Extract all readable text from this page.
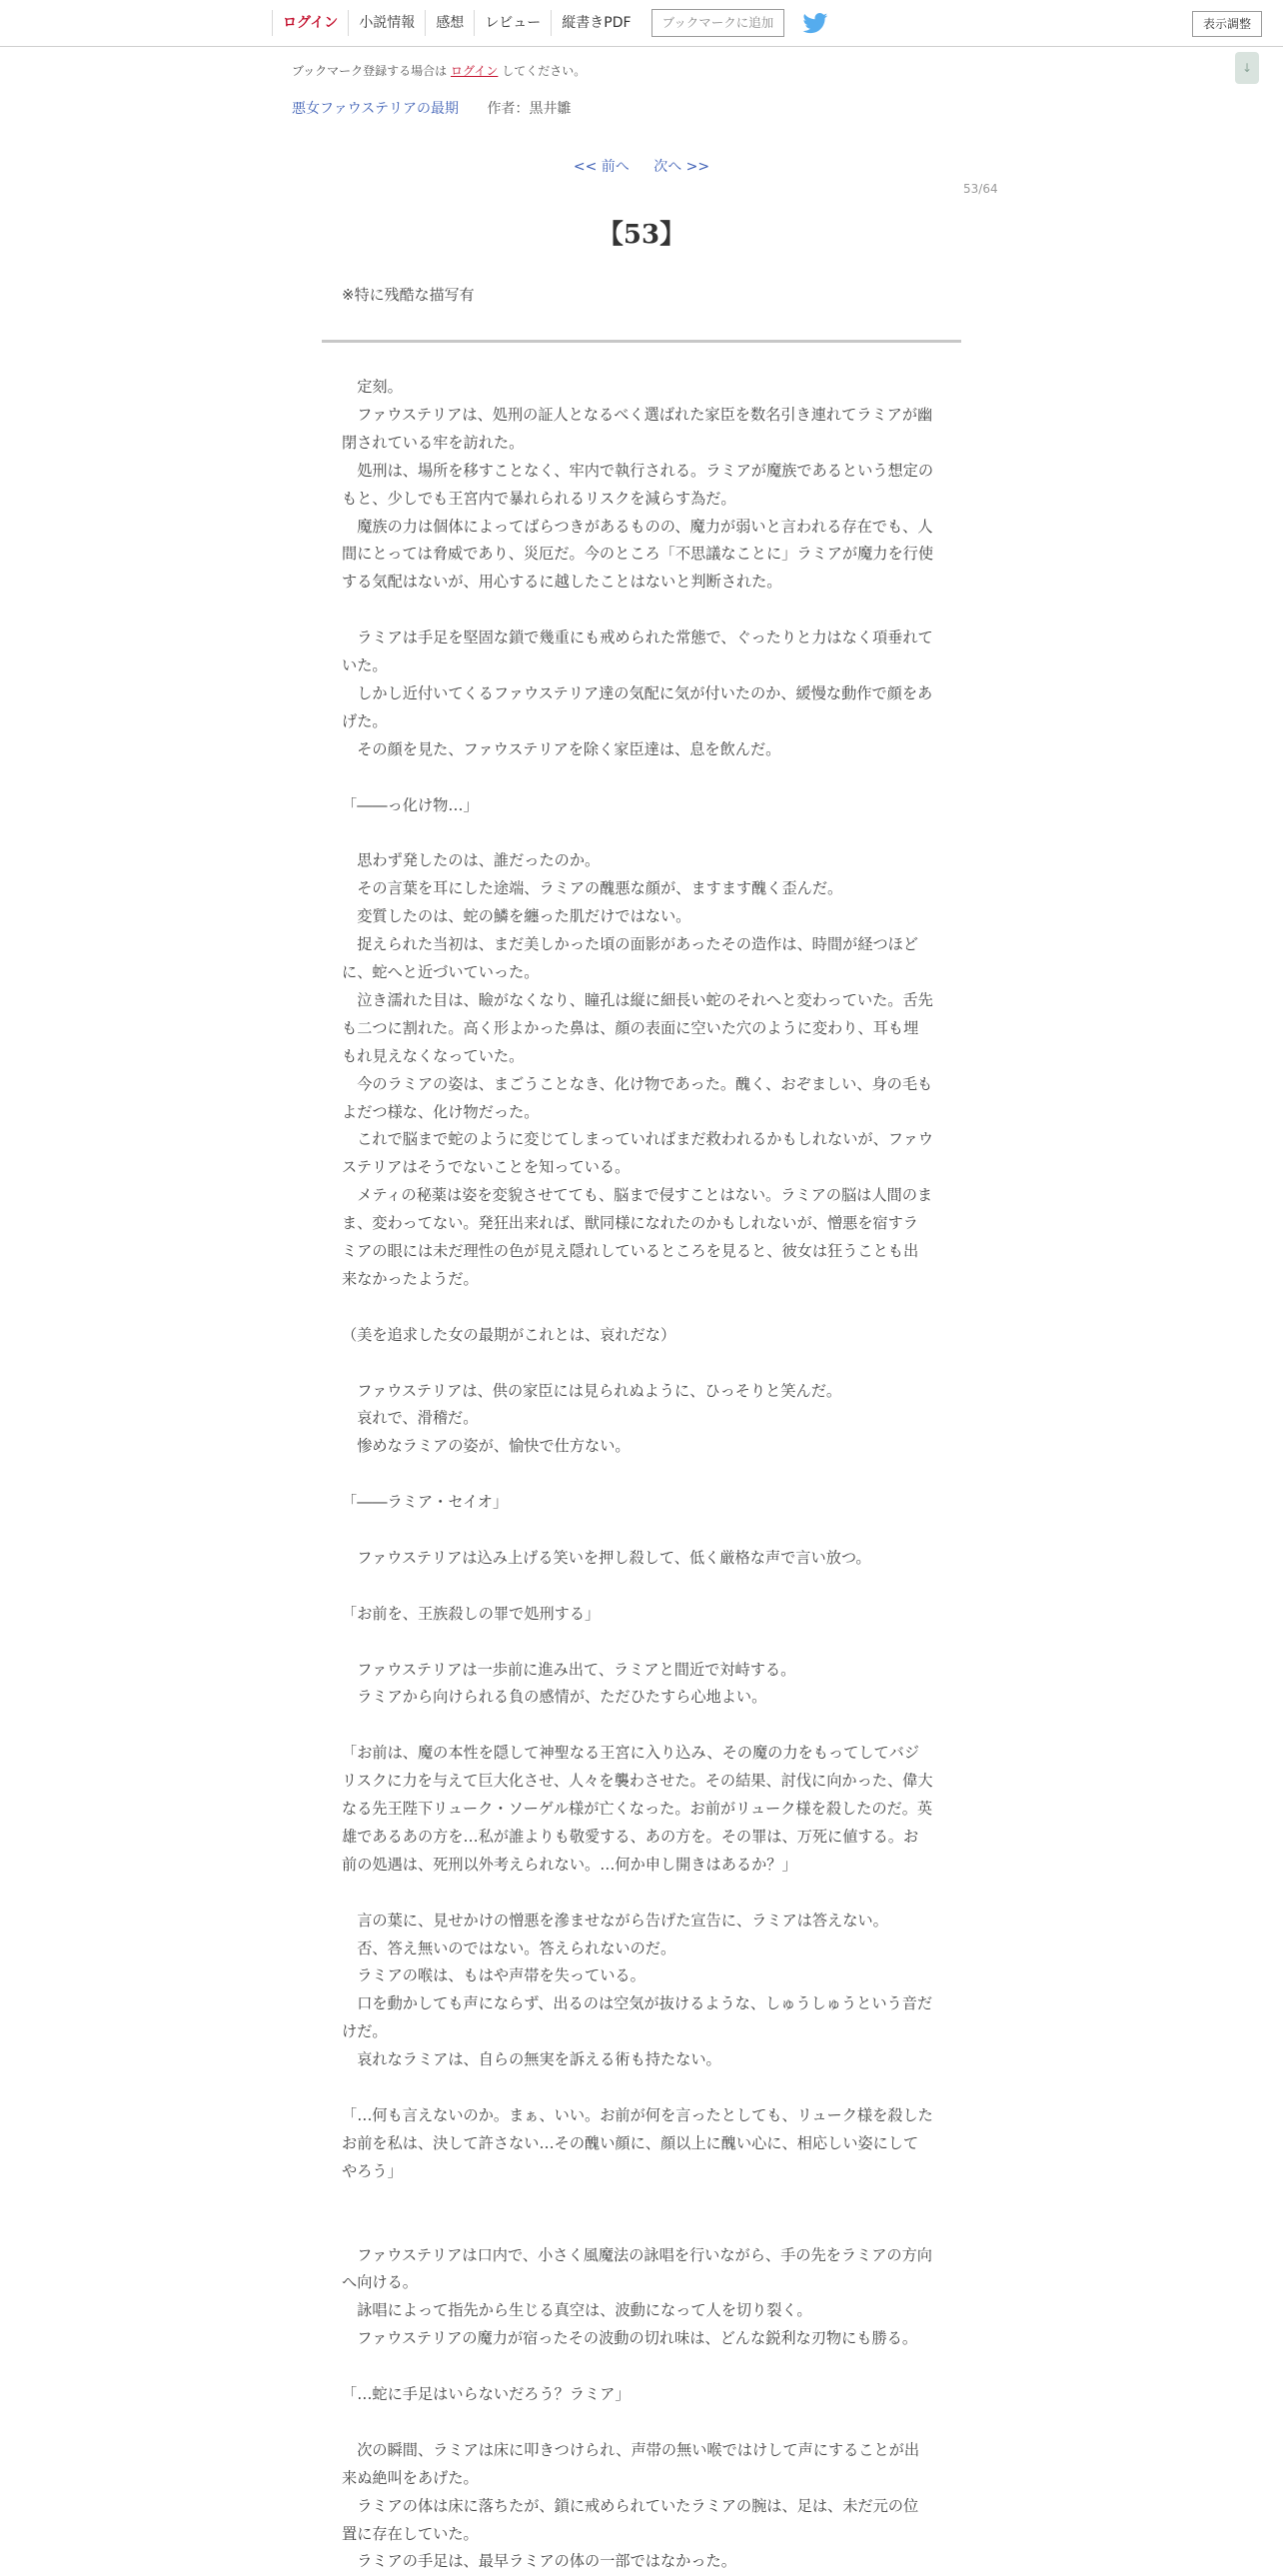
ログイン	小説情報	感想	レビュー	縦書きPDF	ブックマークに追加	表示調整
↓
ブックマーク登録する場合は ログイン してください。
悪女ファウステリアの最期 作者：黒井雛
<< 前へ 次へ >>
53/64
【53】
※特に残酷な描写有

　定刻。

　ファウステリアは、処刑の証人となるべく選ばれた家臣を数名引き連れてラミアが幽閉されている牢を訪れた。

　処刑は、場所を移すことなく、牢内で執行される。ラミアが魔族であるという想定のもと、少しでも王宮内で暴れられるリスクを減らす為だ。

　魔族の力は個体によってばらつきがあるものの、魔力が弱いと言われる存在でも、人間にとっては脅威であり、災厄だ。今のところ「不思議なことに」ラミアが魔力を行使する気配はないが、用心するに越したことはないと判断された。

　ラミアは手足を堅固な鎖で幾重にも戒められた常態で、ぐったりと力はなく項垂れていた。

　しかし近付いてくるファウステリア達の気配に気が付いたのか、緩慢な動作で顔をあげた。

　その顔を見た、ファウステリアを除く家臣達は、息を飲んだ。

「――っ化け物…」

　思わず発したのは、誰だったのか。

　その言葉を耳にした途端、ラミアの醜悪な顔が、ますます醜く歪んだ。

　変質したのは、蛇の鱗を纏った肌だけではない。

　捉えられた当初は、まだ美しかった頃の面影があったその造作は、時間が経つほどに、蛇へと近づいていった。

　泣き濡れた目は、瞼がなくなり、瞳孔は縦に細長い蛇のそれへと変わっていた。舌先も二つに割れた。高く形よかった鼻は、顔の表面に空いた穴のように変わり、耳も埋もれ見えなくなっていた。

　今のラミアの姿は、まごうことなき、化け物であった。醜く、おぞましい、身の毛もよだつ様な、化け物だった。

　これで脳まで蛇のように変じてしまっていればまだ救われるかもしれないが、ファウステリアはそうでないことを知っている。

　メティの秘薬は姿を変貌させてても、脳まで侵すことはない。ラミアの脳は人間のまま、変わってない。発狂出来れば、獣同様になれたのかもしれないが、憎悪を宿すラミアの眼には未だ理性の色が見え隠れしているところを見ると、彼女は狂うことも出来なかったようだ。

（美を追求した女の最期がこれとは、哀れだな）

　ファウステリアは、供の家臣には見られぬように、ひっそりと笑んだ。

　哀れで、滑稽だ。

　惨めなラミアの姿が、愉快で仕方ない。

「――ラミア・セイオ」

　ファウステリアは込み上げる笑いを押し殺して、低く厳格な声で言い放つ。

「お前を、王族殺しの罪で処刑する」

　ファウステリアは一歩前に進み出て、ラミアと間近で対峙する。

　ラミアから向けられる負の感情が、ただひたすら心地よい。

「お前は、魔の本性を隠して神聖なる王宮に入り込み、その魔の力をもってしてバジリスクに力を与えて巨大化させ、人々を襲わさせた。その結果、討伐に向かった、偉大なる先王陛下リューク・ソーゲル様が亡くなった。お前がリューク様を殺したのだ。英雄であるあの方を…私が誰よりも敬愛する、あの方を。その罪は、万死に値する。お前の処遇は、死刑以外考えられない。…何か申し開きはあるか？」

　言の葉に、見せかけの憎悪を滲ませながら告げた宣告に、ラミアは答えない。

　否、答え無いのではない。答えられないのだ。

　ラミアの喉は、もはや声帯を失っている。

　口を動かしても声にならず、出るのは空気が抜けるような、しゅうしゅうという音だけだ。

　哀れなラミアは、自らの無実を訴える術も持たない。

「…何も言えないのか。まぁ、いい。お前が何を言ったとしても、リューク様を殺したお前を私は、決して許さない…その醜い顔に、顔以上に醜い心に、相応しい姿にしてやろう」

　ファウステリアは口内で、小さく風魔法の詠唱を行いながら、手の先をラミアの方向へ向ける。

　詠唱によって指先から生じる真空は、波動になって人を切り裂く。

　ファウステリアの魔力が宿ったその波動の切れ味は、どんな鋭利な刃物にも勝る。

「…蛇に手足はいらないだろう？ラミア」

　次の瞬間、ラミアは床に叩きつけられ、声帯の無い喉ではけして声にすることが出来ぬ絶叫をあげた。

　ラミアの体は床に落ちたが、鎖に戒められていたラミアの腕は、足は、未だ元の位置に存在していた。

　ラミアの手足は、最早ラミアの体の一部ではなかった。
